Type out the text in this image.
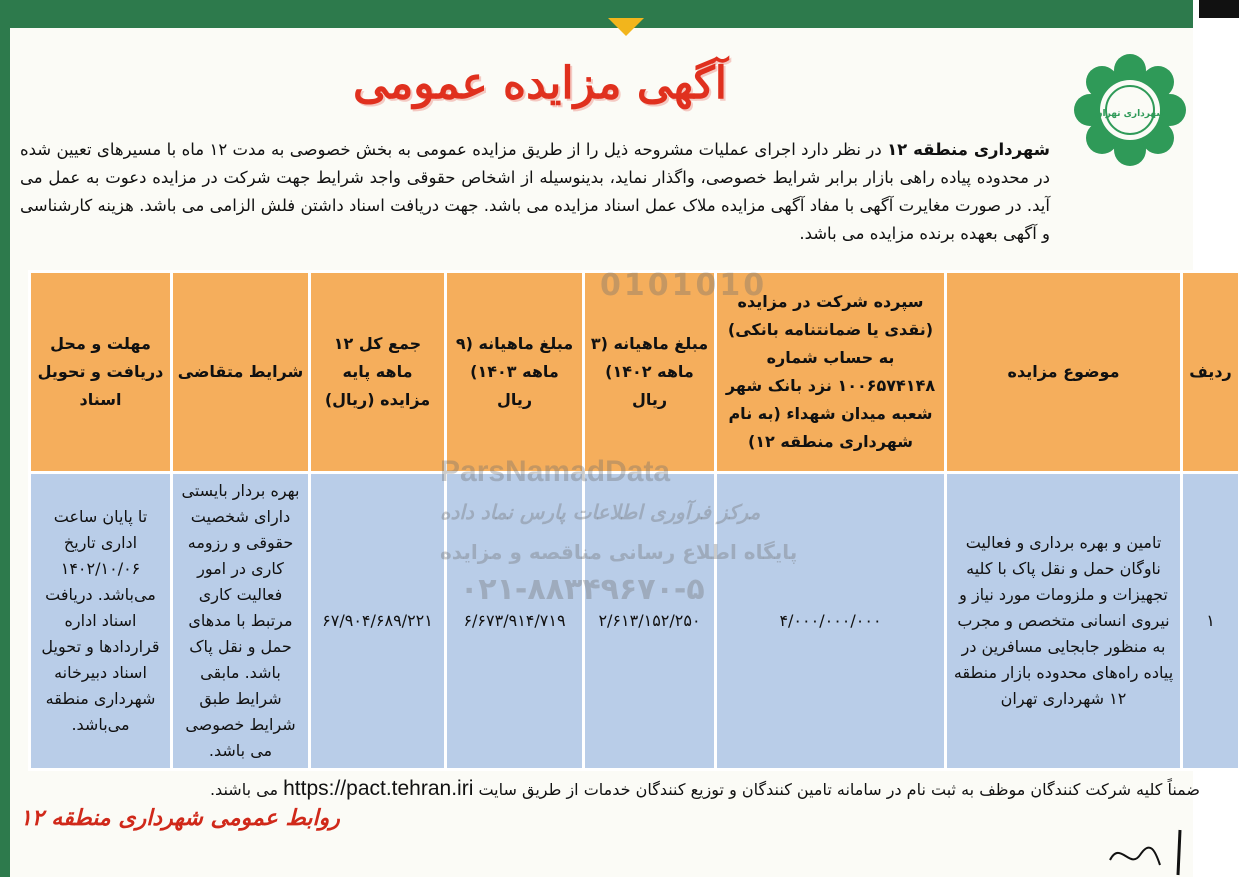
آگهی مزایده عمومی
شهرداری تهران
شهرداری منطقه ۱۲ در نظر دارد اجرای عملیات مشروحه ذیل را از طریق مزایده عمومی به بخش خصوصی به مدت ۱۲ ماه با مسیرهای تعیین شده در محدوده پیاده راهی بازار برابر شرایط خصوصی، واگذار نماید، بدینوسیله از اشخاص حقوقی واجد شرایط جهت شرکت در مزایده دعوت به عمل می آید. در صورت مغایرت آگهی با مفاد آگهی مزایده ملاک عمل اسناد مزایده می باشد. جهت دریافت اسناد داشتن فلش الزامی می باشد. هزینه کارشناسی و آگهی بعهده برنده مزایده می باشد.
ردیف	موضوع مزایده	سپرده شرکت در مزایده (نقدی یا ضمانتنامه بانکی) به حساب شماره ۱۰۰۶۵۷۴۱۴۸ نزد بانک شهر شعبه میدان شهداء (به نام شهرداری منطقه ۱۲)	مبلغ ماهیانه (۳ ماهه ۱۴۰۲) ریال	مبلغ ماهیانه (۹ ماهه ۱۴۰۳) ریال	جمع کل ۱۲ ماهه پایه مزایده (ریال)	شرایط متقاضی	مهلت و محل دریافت و تحویل اسناد
۱	تامین و بهره برداری و فعالیت ناوگان حمل و نقل پاک با کلیه تجهیزات و ملزومات مورد نیاز و نیروی انسانی متخصص و مجرب به منظور جابجایی مسافرین در پیاده راه‌های محدوده بازار منطقه ۱۲ شهرداری تهران	۴/۰۰۰/۰۰۰/۰۰۰	۲/۶۱۳/۱۵۲/۲۵۰	۶/۶۷۳/۹۱۴/۷۱۹	۶۷/۹۰۴/۶۸۹/۲۲۱	بهره بردار بایستی دارای شخصیت حقوقی و رزومه کاری در امور فعالیت کاری مرتبط با مدهای حمل و نقل پاک باشد. مابقی شرایط طبق شرایط خصوصی می باشد.	تا پایان ساعت اداری تاریخ ۱۴۰۲/۱۰/۰۶ می‌باشد. دریافت اسناد اداره قراردادها و تحویل اسناد دبیرخانه شهرداری منطقه می‌باشد.
0101010
ParsNamadData
مرکز فرآوری اطلاعات پارس نماد داده
پایگاه اطلاع رسانی مناقصه و مزایده
۰۲۱-۸۸۳۴۹۶۷۰-۵
ضمناً کلیه شرکت کنندگان موظف به ثبت نام در سامانه تامین کنندگان و توزیع کنندگان خدمات از طریق سایت https://pact.tehran.iri می باشند.
روابط عمومی شهرداری منطقه ۱۲
